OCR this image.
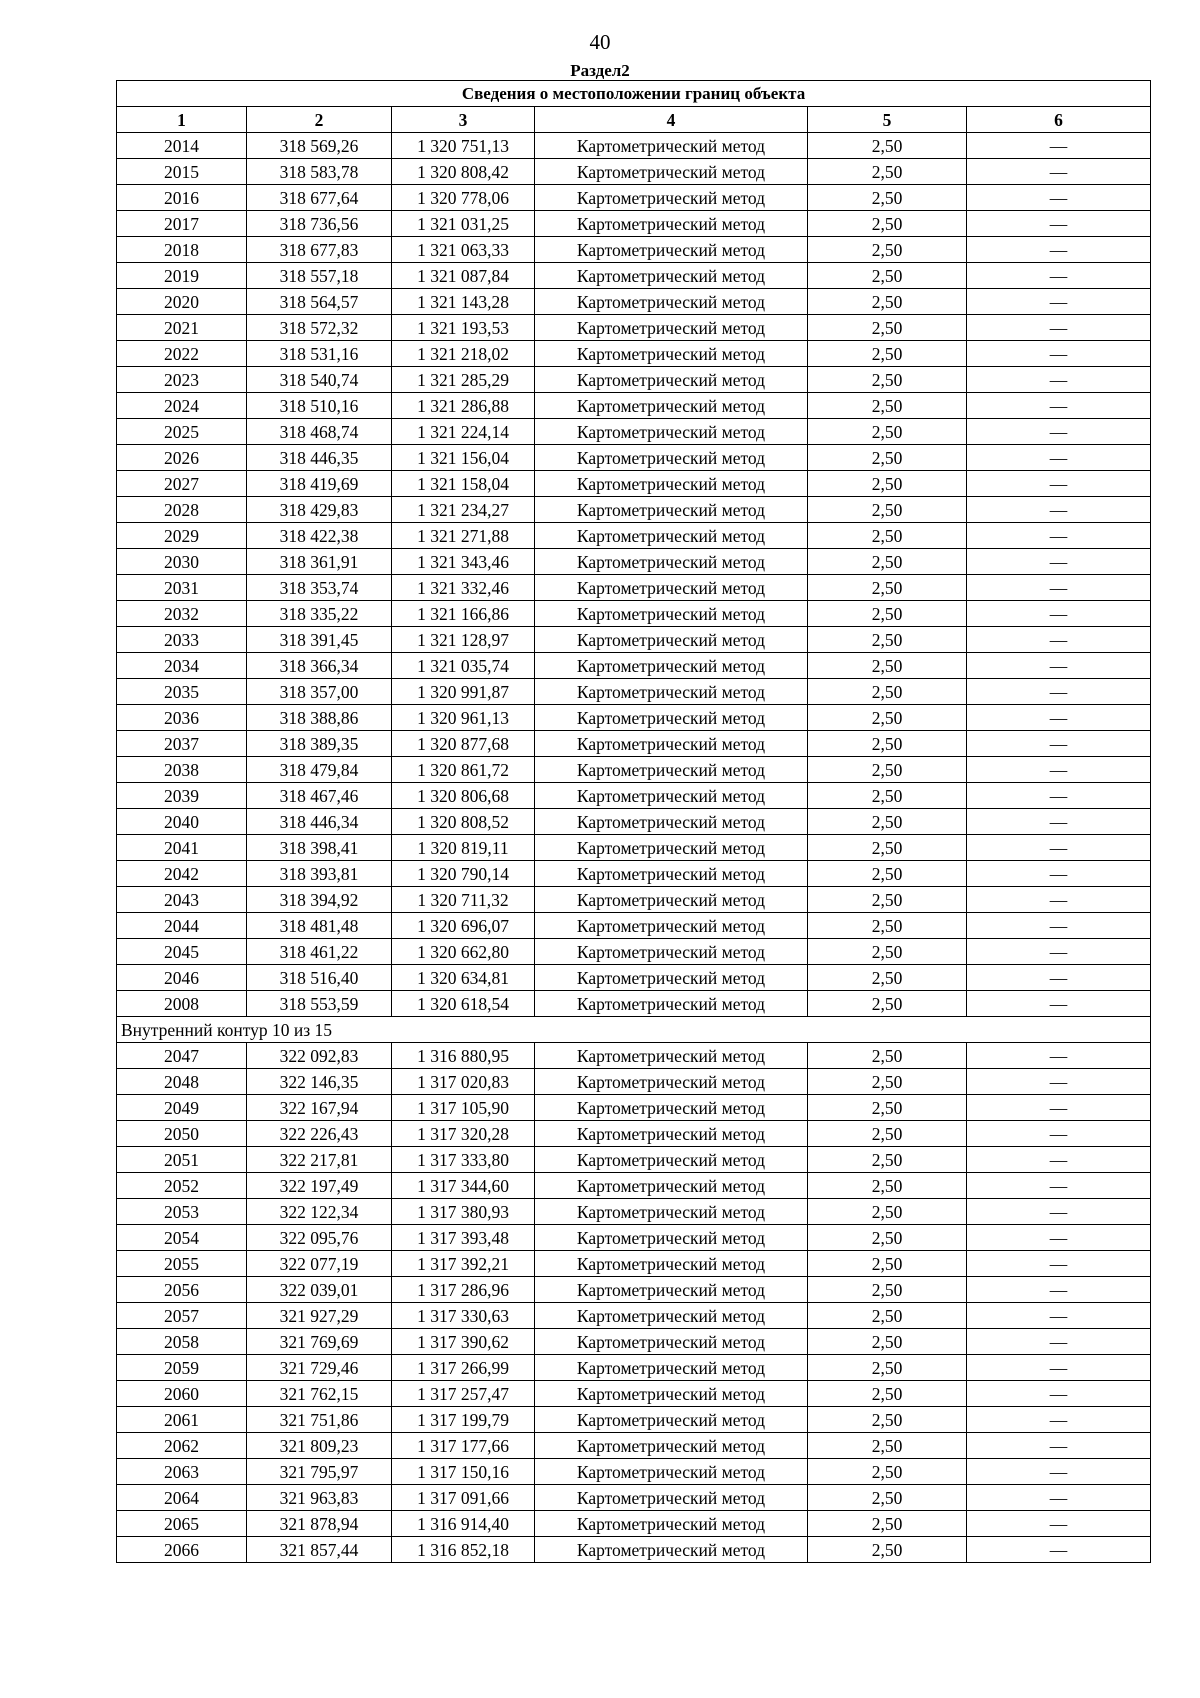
40
Раздел2
Сведения о местоположении границ объекта					
1	2	3	4	5	6
2014	318 569,26	1 320 751,13	Картометрический метод	2,50	—
2015	318 583,78	1 320 808,42	Картометрический метод	2,50	—
2016	318 677,64	1 320 778,06	Картометрический метод	2,50	—
2017	318 736,56	1 321 031,25	Картометрический метод	2,50	—
2018	318 677,83	1 321 063,33	Картометрический метод	2,50	—
2019	318 557,18	1 321 087,84	Картометрический метод	2,50	—
2020	318 564,57	1 321 143,28	Картометрический метод	2,50	—
2021	318 572,32	1 321 193,53	Картометрический метод	2,50	—
2022	318 531,16	1 321 218,02	Картометрический метод	2,50	—
2023	318 540,74	1 321 285,29	Картометрический метод	2,50	—
2024	318 510,16	1 321 286,88	Картометрический метод	2,50	—
2025	318 468,74	1 321 224,14	Картометрический метод	2,50	—
2026	318 446,35	1 321 156,04	Картометрический метод	2,50	—
2027	318 419,69	1 321 158,04	Картометрический метод	2,50	—
2028	318 429,83	1 321 234,27	Картометрический метод	2,50	—
2029	318 422,38	1 321 271,88	Картометрический метод	2,50	—
2030	318 361,91	1 321 343,46	Картометрический метод	2,50	—
2031	318 353,74	1 321 332,46	Картометрический метод	2,50	—
2032	318 335,22	1 321 166,86	Картометрический метод	2,50	—
2033	318 391,45	1 321 128,97	Картометрический метод	2,50	—
2034	318 366,34	1 321 035,74	Картометрический метод	2,50	—
2035	318 357,00	1 320 991,87	Картометрический метод	2,50	—
2036	318 388,86	1 320 961,13	Картометрический метод	2,50	—
2037	318 389,35	1 320 877,68	Картометрический метод	2,50	—
2038	318 479,84	1 320 861,72	Картометрический метод	2,50	—
2039	318 467,46	1 320 806,68	Картометрический метод	2,50	—
2040	318 446,34	1 320 808,52	Картометрический метод	2,50	—
2041	318 398,41	1 320 819,11	Картометрический метод	2,50	—
2042	318 393,81	1 320 790,14	Картометрический метод	2,50	—
2043	318 394,92	1 320 711,32	Картометрический метод	2,50	—
2044	318 481,48	1 320 696,07	Картометрический метод	2,50	—
2045	318 461,22	1 320 662,80	Картометрический метод	2,50	—
2046	318 516,40	1 320 634,81	Картометрический метод	2,50	—
2008	318 553,59	1 320 618,54	Картометрический метод	2,50	—
Внутренний контур 10 из 15					
2047	322 092,83	1 316 880,95	Картометрический метод	2,50	—
2048	322 146,35	1 317 020,83	Картометрический метод	2,50	—
2049	322 167,94	1 317 105,90	Картометрический метод	2,50	—
2050	322 226,43	1 317 320,28	Картометрический метод	2,50	—
2051	322 217,81	1 317 333,80	Картометрический метод	2,50	—
2052	322 197,49	1 317 344,60	Картометрический метод	2,50	—
2053	322 122,34	1 317 380,93	Картометрический метод	2,50	—
2054	322 095,76	1 317 393,48	Картометрический метод	2,50	—
2055	322 077,19	1 317 392,21	Картометрический метод	2,50	—
2056	322 039,01	1 317 286,96	Картометрический метод	2,50	—
2057	321 927,29	1 317 330,63	Картометрический метод	2,50	—
2058	321 769,69	1 317 390,62	Картометрический метод	2,50	—
2059	321 729,46	1 317 266,99	Картометрический метод	2,50	—
2060	321 762,15	1 317 257,47	Картометрический метод	2,50	—
2061	321 751,86	1 317 199,79	Картометрический метод	2,50	—
2062	321 809,23	1 317 177,66	Картометрический метод	2,50	—
2063	321 795,97	1 317 150,16	Картометрический метод	2,50	—
2064	321 963,83	1 317 091,66	Картометрический метод	2,50	—
2065	321 878,94	1 316 914,40	Картометрический метод	2,50	—
2066	321 857,44	1 316 852,18	Картометрический метод	2,50	—
